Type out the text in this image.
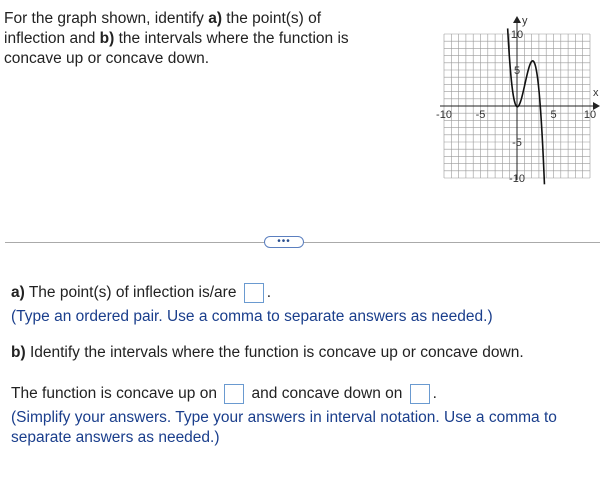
For the graph shown, identify a) the point(s) of inflection and b) the intervals where the function is concave up or concave down.
-10 -5	5 10
10
5
-5
-10
x
y
•••
a) The point(s) of inflection is/are .
(Type an ordered pair. Use a comma to separate answers as needed.)
b) Identify the intervals where the function is concave up or concave down.
The function is concave up on  and concave down on .
(Simplify your answers. Type your answers in interval notation. Use a comma to
separate answers as needed.)
